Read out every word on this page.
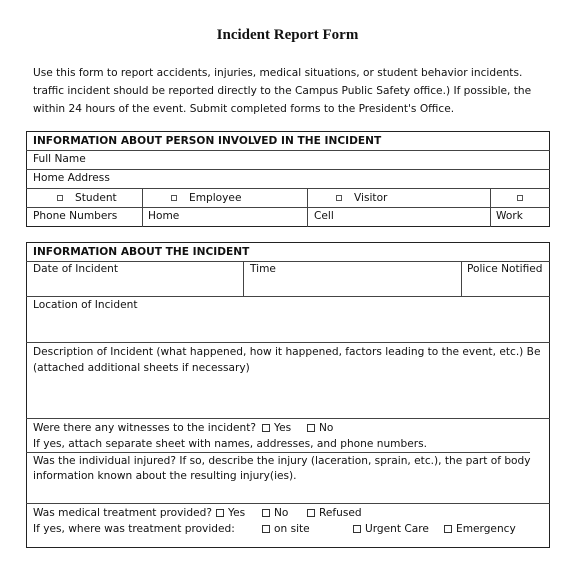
Incident Report Form
Use this form to report accidents, injuries, medical situations, or student behavior incidents.
traffic incident should be reported directly to the Campus Public Safety office.) If possible, the
within 24 hours of the event. Submit completed forms to the President's Office.
INFORMATION ABOUT PERSON INVOLVED IN THE INCIDENT
Full Name
Home Address
Student	Employee	Visitor
Phone Numbers	Home	Cell	Work
INFORMATION ABOUT THE INCIDENT
Date of Incident	Time	Police Notified
Location of Incident
Description of Incident (what happened, how it happened, factors leading to the event, etc.) Be
(attached additional sheets if necessary)
Were there any witnesses to the incident?	Yes	No
If yes, attach separate sheet with names, addresses, and phone numbers.
Was the individual injured? If so, describe the injury (laceration, sprain, etc.), the part of body
information known about the resulting injury(ies).
Was medical treatment provided?	Yes	No	Refused
If yes, where was treatment provided:	on site	Urgent Care	Emergency
